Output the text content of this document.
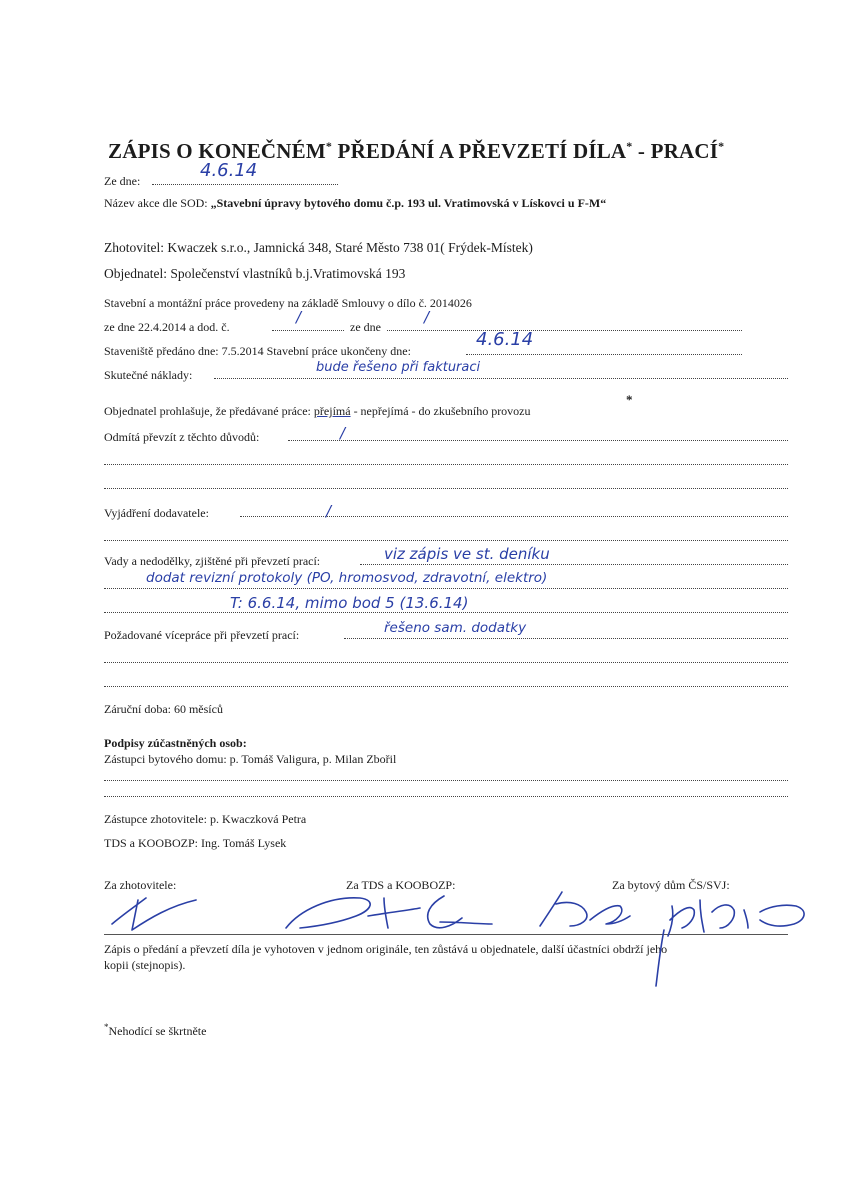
ZÁPIS O KONEČNÉM* PŘEDÁNÍ A PŘEVZETÍ DÍLA* - PRACÍ*
Ze dne:	4.6.14
Název akce dle SOD: „Stavební úpravy bytového domu č.p. 193 ul. Vratimovská v Lískovci u F-M“
Zhotovitel: Kwaczek s.r.o., Jamnická 348, Staré Město 738 01( Frýdek-Místek)
Objednatel: Společenství vlastníků b.j.Vratimovská 193
Stavební a montážní práce provedeny na základě Smlouvy o dílo č. 2014026
ze dne 22.4.2014 a dod. č.
/
ze dne
/
Staveniště předáno dne: 7.5.2014 Stavební práce ukončeny dne:
4.6.14
Skutečné náklady:	bude řešeno při fakturaci
Objednatel prohlašuje, že předávané práce: přejímá - nepřejímá - do zkušebního provozu
*
Odmítá převzít z těchto důvodů:	/
Vyjádření dodavatele:	/
Vady a nedodělky, zjištěné při převzetí prací:	viz zápis ve st. deníku
dodat revizní protokoly (PO, hromosvod, zdravotní, elektro)
T: 6.6.14, mimo bod 5 (13.6.14)
Požadované vícepráce při převzetí prací:	řešeno sam. dodatky
Záruční doba: 60 měsíců
Podpisy zúčastněných osob:
Zástupci bytového domu: p. Tomáš Valigura, p. Milan Zbořil
Zástupce zhotovitele: p. Kwaczková Petra
TDS a KOOBOZP: Ing. Tomáš Lysek
Za zhotovitele:	Za TDS a KOOBOZP:	Za bytový dům ČS/SVJ:
Zápis o předání a převzetí díla je vyhotoven v jednom originále, ten zůstává u objednatele, další účastníci obdrží jeho
kopii (stejnopis).
*Nehodící se škrtněte
